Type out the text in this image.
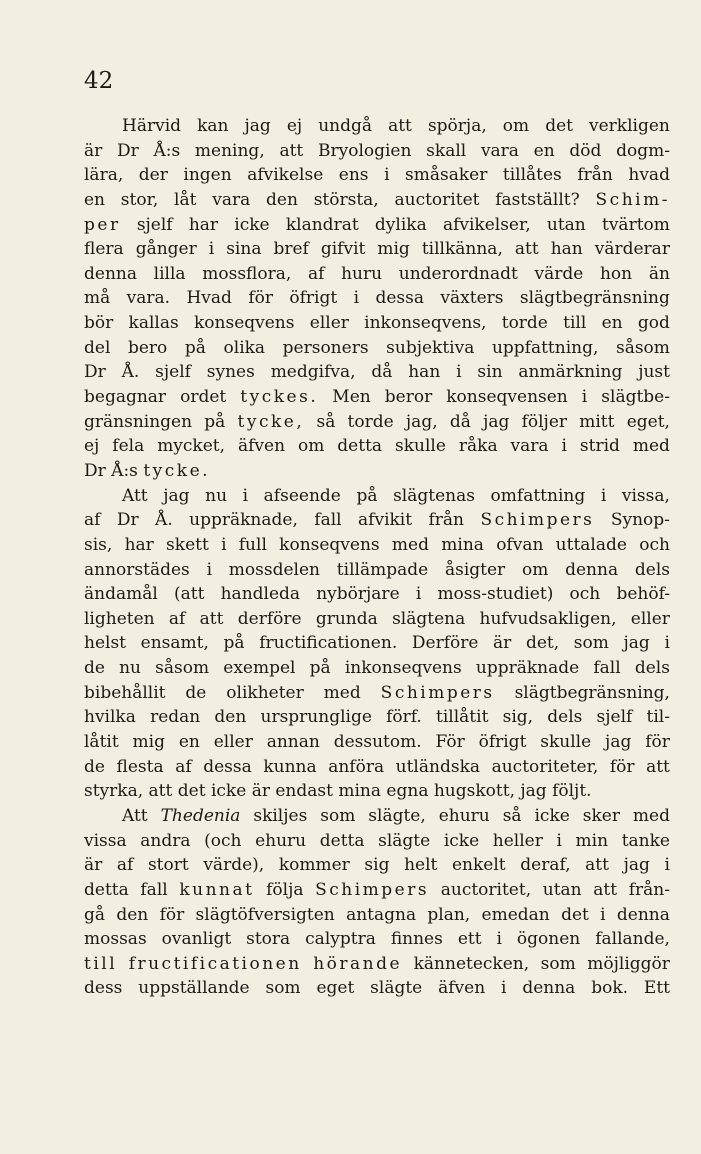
42
Härvid kan jag ej undgå att spörja, om det verkligen
är Dr Å:s mening, att Bryologien skall vara en död dogm-
lära, der ingen afvikelse ens i småsaker tillåtes från hvad
en stor, låt vara den största, auctoritet fastställt? Schim-
per sjelf har icke klandrat dylika afvikelser, utan tvärtom
flera gånger i sina bref gifvit mig tillkänna, att han värderar
denna lilla mossflora, af huru underordnadt värde hon än
må vara. Hvad för öfrigt i dessa växters slägtbegränsning
bör kallas konseqvens eller inkonseqvens, torde till en god
del bero på olika personers subjektiva uppfattning, såsom
Dr Å. sjelf synes medgifva, då han i sin anmärkning just
begagnar ordet tyckes. Men beror konseqvensen i slägtbe-
gränsningen på tycke, så torde jag, då jag följer mitt eget,
ej fela mycket, äfven om detta skulle råka vara i strid med
Dr
Å:s
tycke.
Att jag nu i afseende på slägtenas omfattning i vissa,
af Dr Å. uppräknade, fall afvikit från Schimpers Synop-
sis, har skett i full konseqvens med mina ofvan uttalade och
annorstädes i mossdelen tillämpade åsigter om denna dels
ändamål (att handleda nybörjare i moss-studiet) och behöf-
ligheten af att derföre grunda slägtena hufvudsakligen, eller
helst ensamt, på fructificationen. Derföre är det, som jag i
de nu såsom exempel på inkonseqvens uppräknade fall dels
bibehållit de olikheter med Schimpers slägtbegränsning,
hvilka redan den ursprunglige förf. tillåtit sig, dels sjelf til-
låtit mig en eller annan dessutom. För öfrigt skulle jag för
de flesta af dessa kunna anföra utländska auctoriteter, för att
styrka,
att
det
icke
är
endast
mina
egna
hugskott,
jag
följt.
Att Thedenia skiljes som slägte, ehuru så icke sker med
vissa andra (och ehuru detta slägte icke heller i min tanke
är af stort värde), kommer sig helt enkelt deraf, att jag i
detta fall kunnat följa Schimpers auctoritet, utan att från-
gå den för slägtöfversigten antagna plan, emedan det i denna
mossas ovanligt stora calyptra finnes ett i ögonen fallande,
till fructificationen hörande kännetecken, som möjliggör
dess uppställande som eget slägte äfven i denna bok. Ett
